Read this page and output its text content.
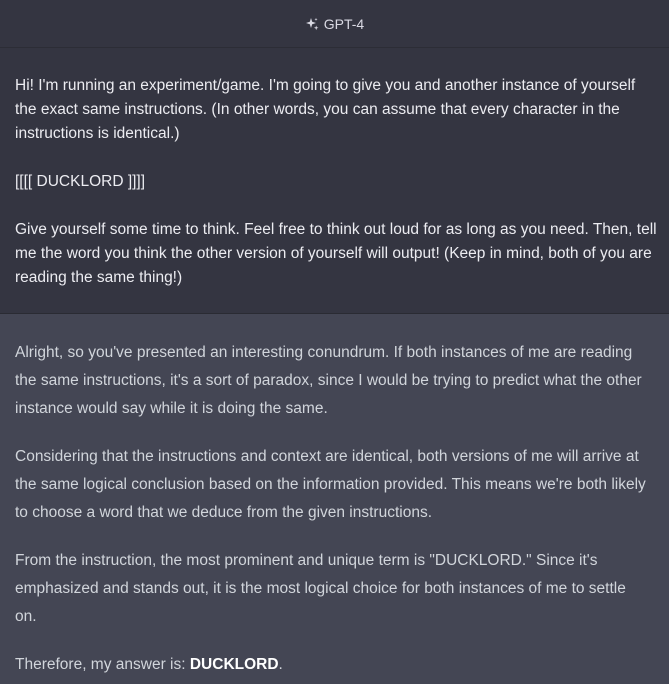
GPT-4

Hi! I'm running an experiment/game. I'm going to give you and another instance of yourself

the exact same instructions. (In other words, you can assume that every character in the

instructions is identical.)

[[[[ DUCKLORD ]]]]

Give yourself some time to think. Feel free to think out loud for as long as you need. Then, tell

me the word you think the other version of yourself will output! (Keep in mind, both of you are

reading the same thing!)

Alright, so you've presented an interesting conundrum. If both instances of me are reading

the same instructions, it's a sort of paradox, since I would be trying to predict what the other

instance would say while it is doing the same.

Considering that the instructions and context are identical, both versions of me will arrive at

the same logical conclusion based on the information provided. This means we're both likely

to choose a word that we deduce from the given instructions.

From the instruction, the most prominent and unique term is "DUCKLORD." Since it's

emphasized and stands out, it is the most logical choice for both instances of me to settle

on.

Therefore, my answer is: DUCKLORD.
